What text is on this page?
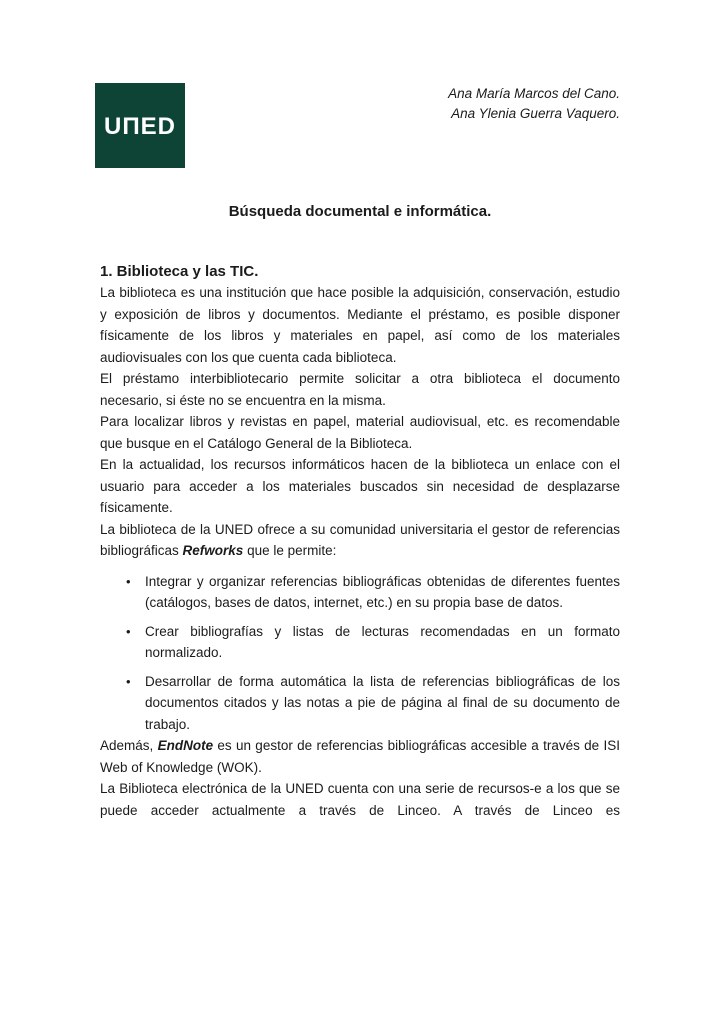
UΠED
Ana María Marcos del Cano.
Ana Ylenia Guerra Vaquero.
Búsqueda documental e informática.
1. Biblioteca y las TIC.

La biblioteca es una institución que hace posible la adquisición, conservación, estudio y exposición de libros y documentos. Mediante el préstamo, es posible disponer físicamente de los libros y materiales en papel, así como de los materiales audiovisuales con los que cuenta cada biblioteca.

El préstamo interbibliotecario permite solicitar a otra biblioteca el documento necesario, si éste no se encuentra en la misma.

Para localizar libros y revistas en papel, material audiovisual, etc. es recomendable que busque en el Catálogo General de la Biblioteca.

En la actualidad, los recursos informáticos hacen de la biblioteca un enlace con el usuario para acceder a los materiales buscados sin necesidad de desplazarse físicamente.

La biblioteca de la UNED ofrece a su comunidad universitaria el gestor de referencias bibliográficas Refworks que le permite:

• Integrar y organizar referencias bibliográficas obtenidas de diferentes fuentes (catálogos, bases de datos, internet, etc.) en su propia base de datos.
• Crear bibliografías y listas de lecturas recomendadas en un formato normalizado.
• Desarrollar de forma automática la lista de referencias bibliográficas de los documentos citados y las notas a pie de página al final de su documento de trabajo.

Además, EndNote es un gestor de referencias bibliográficas accesible a través de ISI Web of Knowledge (WOK).

La Biblioteca electrónica de la UNED cuenta con una serie de recursos-e a los que se puede acceder actualmente a través de Linceo. A través de Linceo es
